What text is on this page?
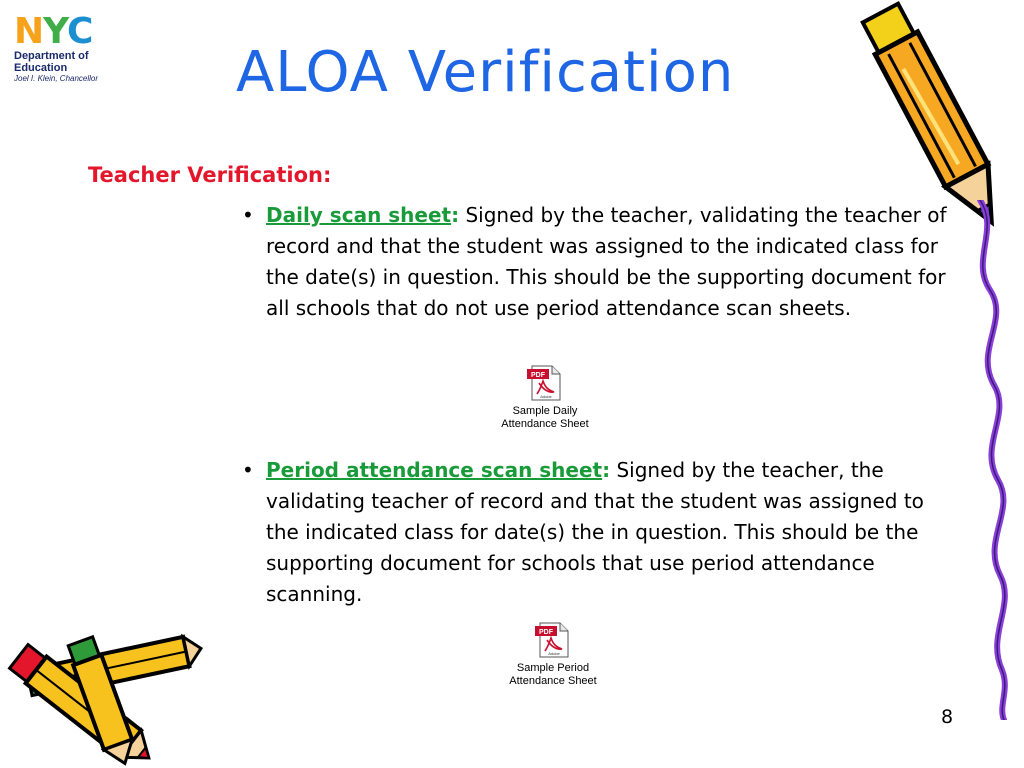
NYC
Department of
Education
Joel I. Klein, Chancellor	ALOA Verification
Teacher Verification:
• Daily scan sheet: Signed by the teacher, validating the teacher of record and that the student was assigned to the indicated class for the date(s) in question. This should be the supporting document for all schools that do not use period attendance scan sheets.
PDF
Adobe
Sample Daily
Attendance Sheet
• Period attendance scan sheet: Signed by the teacher, the validating teacher of record and that the student was assigned to the indicated class for date(s) the in question. This should be the supporting document for schools that use period attendance scanning.
PDF
Adobe
Sample Period
Attendance Sheet
8
